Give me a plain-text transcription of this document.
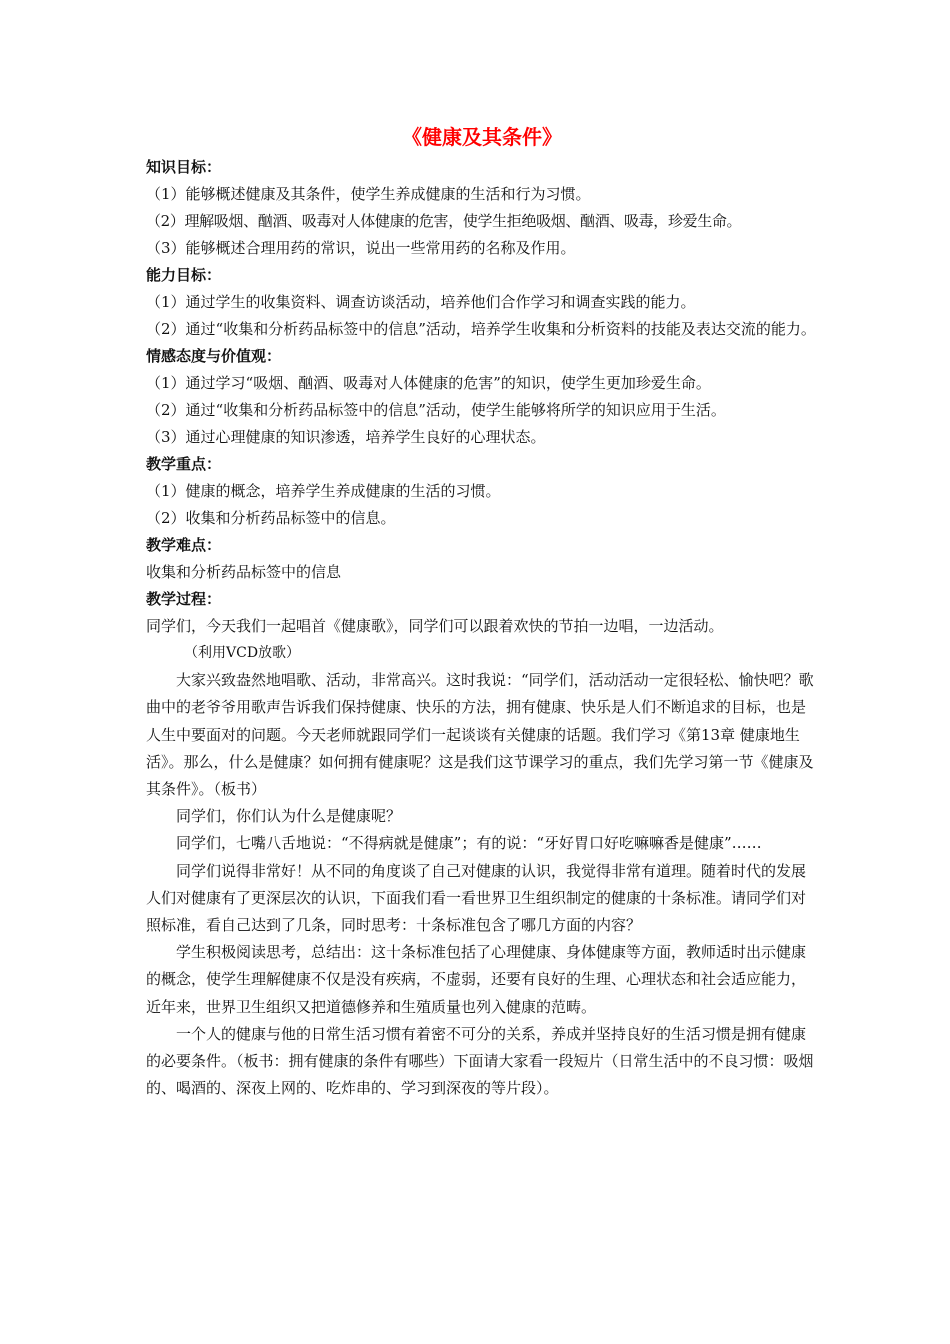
《健康及其条件》
知识目标：
（1）能够概述健康及其条件，使学生养成健康的生活和行为习惯。
（2）理解吸烟、酗酒、吸毒对人体健康的危害，使学生拒绝吸烟、酗酒、吸毒，珍爱生命。
（3）能够概述合理用药的常识，说出一些常用药的名称及作用。
能力目标：
（1）通过学生的收集资料、调查访谈活动，培养他们合作学习和调查实践的能力。
（2）通过“收集和分析药品标签中的信息”活动，培养学生收集和分析资料的技能及表达交流的能力。
情感态度与价值观：
（1）通过学习“吸烟、酗酒、吸毒对人体健康的危害”的知识，使学生更加珍爱生命。
（2）通过“收集和分析药品标签中的信息”活动，使学生能够将所学的知识应用于生活。
（3）通过心理健康的知识渗透，培养学生良好的心理状态。
教学重点：
（1）健康的概念，培养学生养成健康的生活的习惯。
（2）收集和分析药品标签中的信息。
教学难点：
收集和分析药品标签中的信息
教学过程：
同学们，今天我们一起唱首《健康歌》，同学们可以跟着欢快的节拍一边唱，一边活动。
（利用VCD放歌）
大家兴致盎然地唱歌、活动，非常高兴。这时我说：“同学们，活动活动一定很轻松、愉快吧？歌曲中的老爷爷用歌声告诉我们保持健康、快乐的方法，拥有健康、快乐是人们不断追求的目标，也是人生中要面对的问题。今天老师就跟同学们一起谈谈有关健康的话题。我们学习《第13章 健康地生活》。那么，什么是健康？如何拥有健康呢？这是我们这节课学习的重点，我们先学习第一节《健康及其条件》。（板书）
同学们，你们认为什么是健康呢？
同学们，七嘴八舌地说：“不得病就是健康”；有的说：“牙好胃口好吃嘛嘛香是健康”……
同学们说得非常好！从不同的角度谈了自己对健康的认识，我觉得非常有道理。随着时代的发展人们对健康有了更深层次的认识，下面我们看一看世界卫生组织制定的健康的十条标准。请同学们对照标准，看自己达到了几条，同时思考：十条标准包含了哪几方面的内容？
学生积极阅读思考，总结出：这十条标准包括了心理健康、身体健康等方面，教师适时出示健康的概念，使学生理解健康不仅是没有疾病，不虚弱，还要有良好的生理、心理状态和社会适应能力，近年来，世界卫生组织又把道德修养和生殖质量也列入健康的范畴。
一个人的健康与他的日常生活习惯有着密不可分的关系，养成并坚持良好的生活习惯是拥有健康的必要条件。（板书：拥有健康的条件有哪些）下面请大家看一段短片（日常生活中的不良习惯：吸烟的、喝酒的、深夜上网的、吃炸串的、学习到深夜的等片段）。
